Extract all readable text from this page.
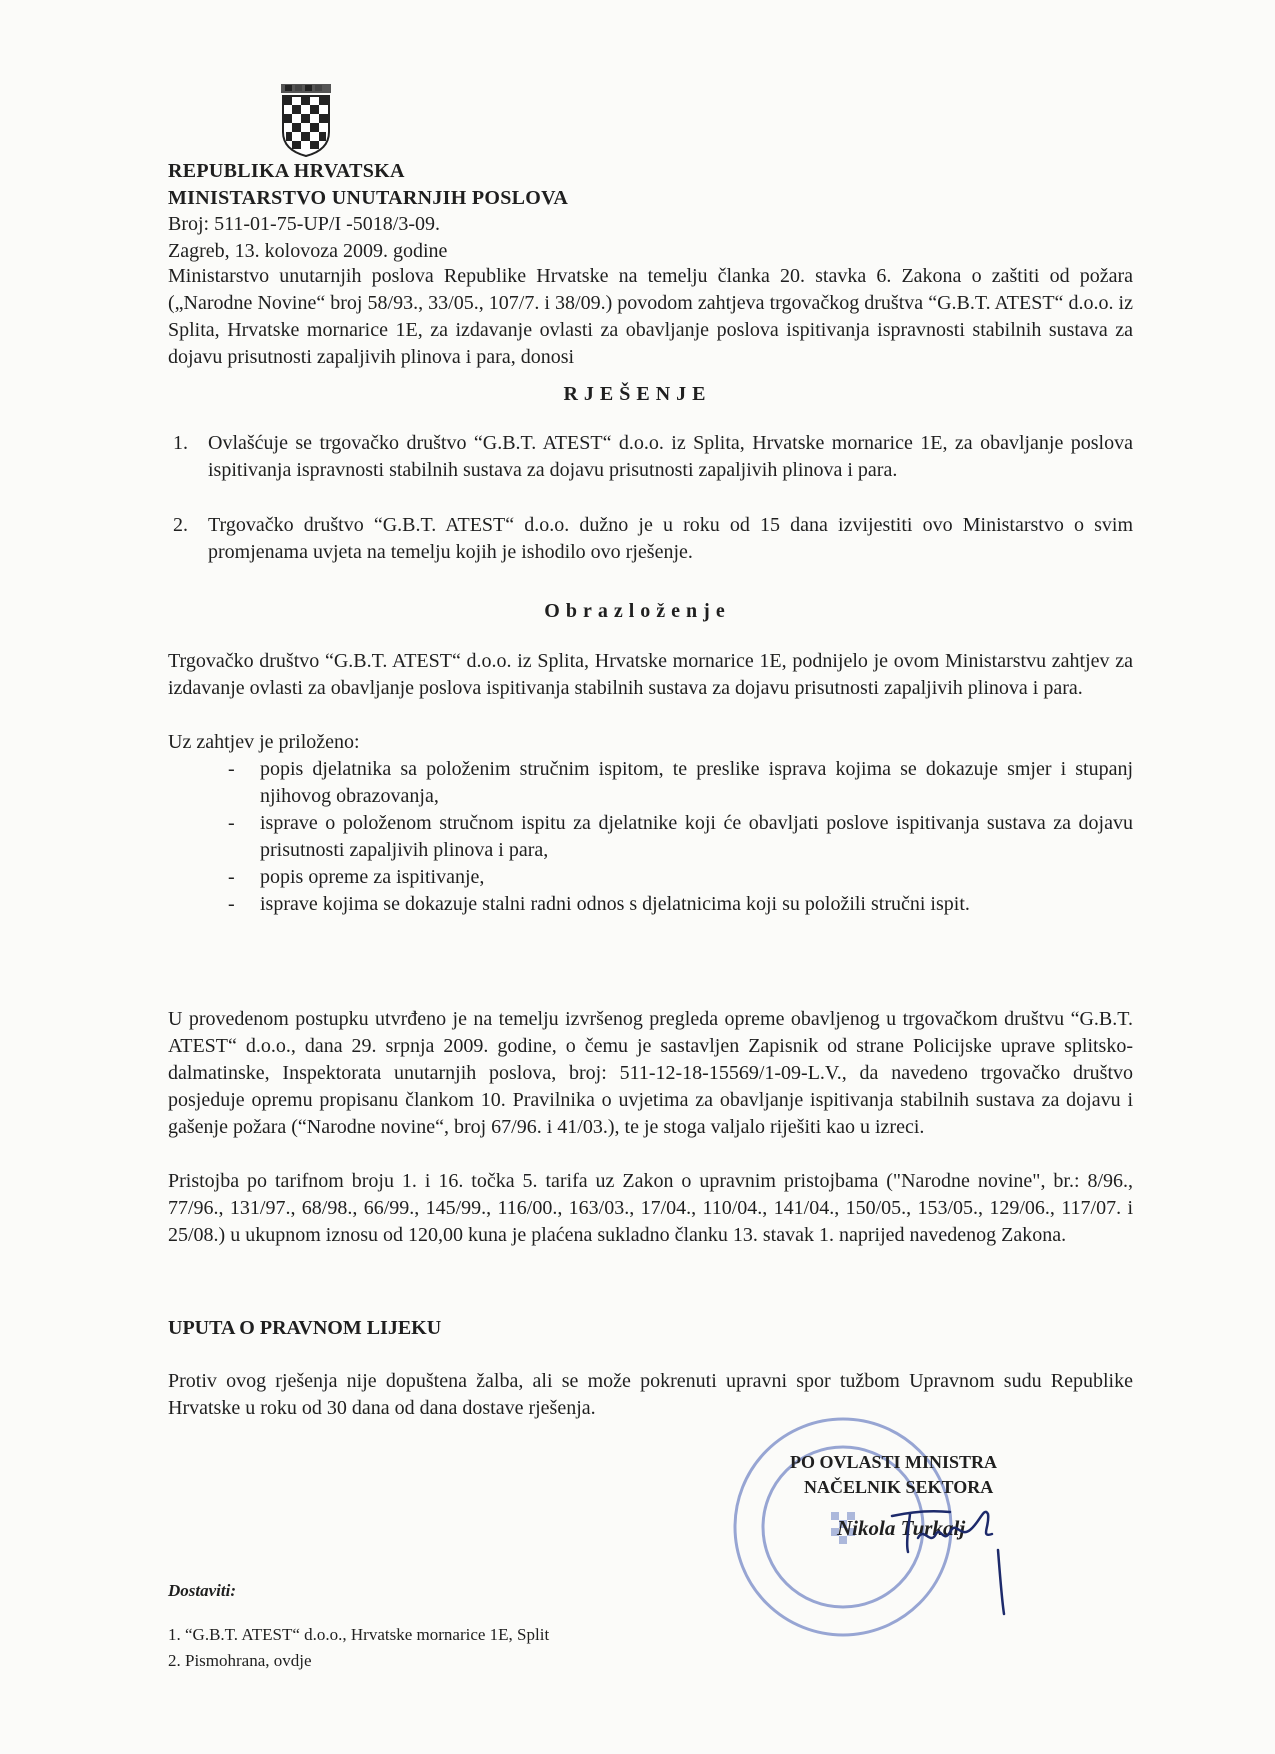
REPUBLIKA HRVATSKA
MINISTARSTVO UNUTARNJIH POSLOVA
Broj: 511-01-75-UP/I -5018/3-09.
Zagreb, 13. kolovoza 2009. godine
Ministarstvo unutarnjih poslova Republike Hrvatske na temelju članka 20. stavka 6. Zakona o zaštiti od požara („Narodne Novine“ broj 58/93., 33/05., 107/7. i 38/09.) povodom zahtjeva trgovačkog društva “G.B.T. ATEST“ d.o.o. iz Splita, Hrvatske mornarice 1E, za izdavanje ovlasti za obavljanje poslova ispitivanja ispravnosti stabilnih sustava za dojavu prisutnosti zapaljivih plinova i para, donosi
RJEŠENJE
1. Ovlašćuje se trgovačko društvo “G.B.T. ATEST“ d.o.o. iz Splita, Hrvatske mornarice 1E, za obavljanje poslova ispitivanja ispravnosti stabilnih sustava za dojavu prisutnosti zapaljivih plinova i para.
2. Trgovačko društvo “G.B.T. ATEST“ d.o.o. dužno je u roku od 15 dana izvijestiti ovo Ministarstvo o svim promjenama uvjeta na temelju kojih je ishodilo ovo rješenje.
Obrazloženje
Trgovačko društvo “G.B.T. ATEST“ d.o.o. iz Splita, Hrvatske mornarice 1E, podnijelo je ovom Ministarstvu zahtjev za izdavanje ovlasti za obavljanje poslova ispitivanja stabilnih sustava za dojavu prisutnosti zapaljivih plinova i para.
Uz zahtjev je priloženo:
- popis djelatnika sa položenim stručnim ispitom, te preslike isprava kojima se dokazuje smjer i stupanj njihovog obrazovanja,
- isprave o položenom stručnom ispitu za djelatnike koji će obavljati poslove ispitivanja sustava za dojavu prisutnosti zapaljivih plinova i para,
- popis opreme za ispitivanje,
- isprave kojima se dokazuje stalni radni odnos s djelatnicima koji su položili stručni ispit.
U provedenom postupku utvrđeno je na temelju izvršenog pregleda opreme obavljenog u trgovačkom društvu “G.B.T. ATEST“ d.o.o., dana 29. srpnja 2009. godine, o čemu je sastavljen Zapisnik od strane Policijske uprave splitsko-dalmatinske, Inspektorata unutarnjih poslova, broj: 511-12-18-15569/1-09-L.V., da navedeno trgovačko društvo posjeduje opremu propisanu člankom 10. Pravilnika o uvjetima za obavljanje ispitivanja stabilnih sustava za dojavu i gašenje požara (“Narodne novine“, broj 67/96. i 41/03.), te je stoga valjalo riješiti kao u izreci.
Pristojba po tarifnom broju 1. i 16. točka 5. tarifa uz Zakon o upravnim pristojbama ("Narodne novine", br.: 8/96., 77/96., 131/97., 68/98., 66/99., 145/99., 116/00., 163/03., 17/04., 110/04., 141/04., 150/05., 153/05., 129/06., 117/07. i 25/08.) u ukupnom iznosu od 120,00 kuna je plaćena sukladno članku 13. stavak 1. naprijed navedenog Zakona.
UPUTA O PRAVNOM LIJEKU
Protiv ovog rješenja nije dopuštena žalba, ali se može pokrenuti upravni spor tužbom Upravnom sudu Republike Hrvatske u roku od 30 dana od dana dostave rješenja.
PO OVLASTI MINISTRA
NAČELNIK SEKTORA
Nikola Turkalj
Dostaviti:
1. “G.B.T. ATEST“ d.o.o., Hrvatske mornarice 1E, Split
2. Pismohrana, ovdje
